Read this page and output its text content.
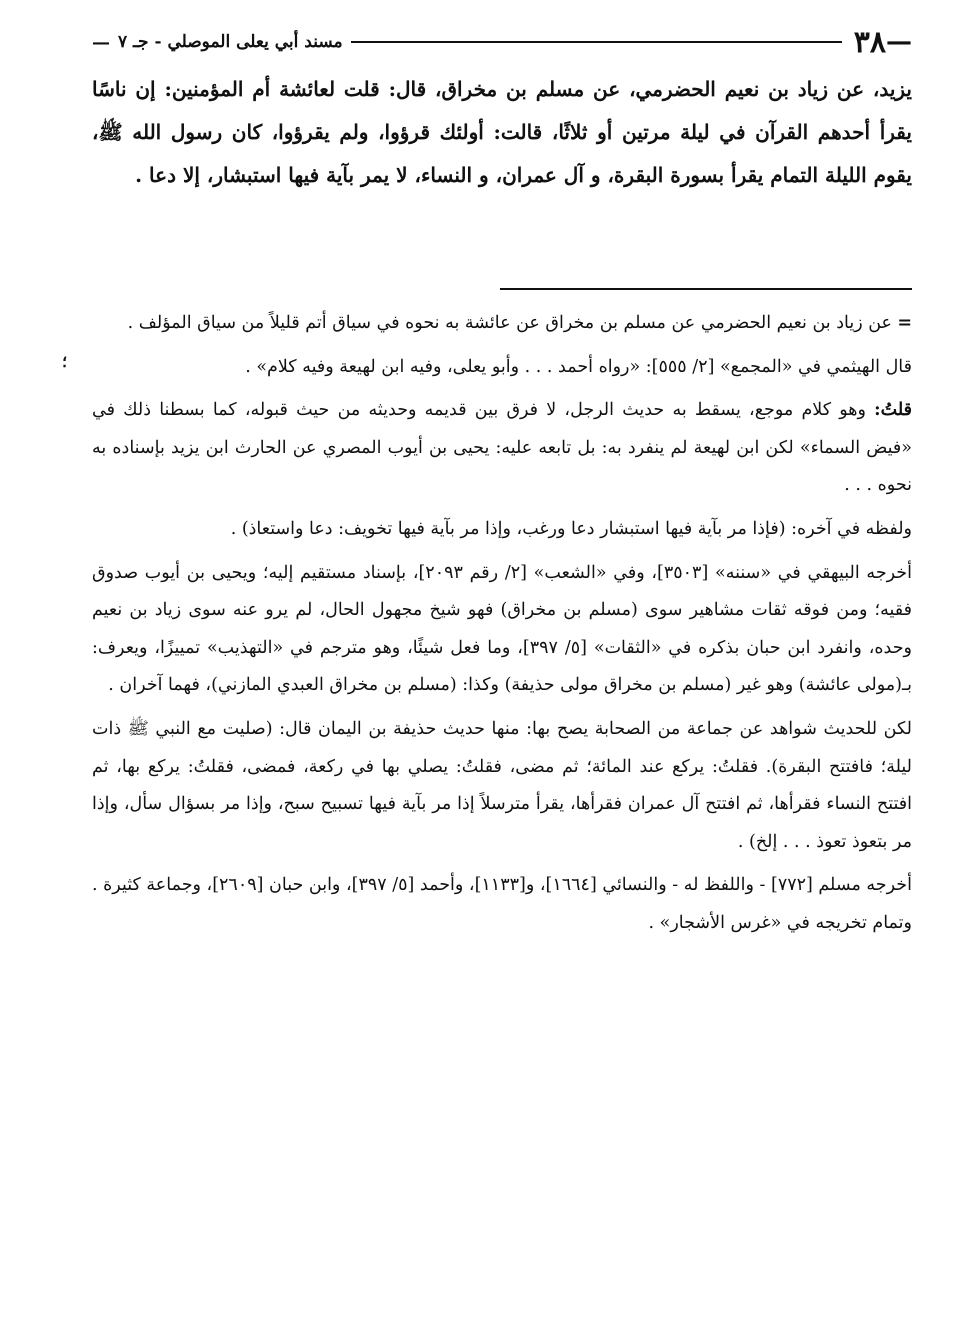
—
٣٨
مسند أبي يعلى الموصلي - جـ ٧
—
يزيد، عن زياد بن نعيم الحضرمي، عن مسلم بن مخراق، قال: قلت لعائشة أم المؤمنين: إن ناسًا يقرأ أحدهم القرآن في ليلة مرتين أو ثلاثًا، قالت: أولئك قرؤوا، ولم يقرؤوا، كان رسول الله ﷺ، يقوم الليلة التمام يقرأ بسورة البقرة، و آل عمران، و النساء، لا يمر بآية فيها استبشار، إلا دعا .
؛
=
عن زياد بن نعيم الحضرمي عن مسلم بن مخراق عن عائشة به نحوه في سياق أتم قليلاً من سياق المؤلف .

قال الهيثمي في «المجمع» [٢/ ٥٥٥]: «رواه أحمد . . . وأبو يعلى، وفيه ابن لهيعة وفيه كلام» .

قلتُ: وهو كلام موجع، يسقط به حديث الرجل، لا فرق بين قديمه وحديثه من حيث قبوله، كما بسطنا ذلك في «فيض السماء» لكن ابن لهيعة لم ينفرد به: بل تابعه عليه: يحيى بن أيوب المصري عن الحارث ابن يزيد بإسناده به نحوه . . .

ولفظه في آخره: (فإذا مر بآية فيها استبشار دعا ورغب، وإذا مر بآية فيها تخويف: دعا واستعاذ) .

أخرجه البيهقي في «سننه» [٣٥٠٣]، وفي «الشعب» [٢/ رقم ٢٠٩٣]، بإسناد مستقيم إليه؛ ويحيى بن أيوب صدوق فقيه؛ ومن فوقه ثقات مشاهير سوى (مسلم بن مخراق) فهو شيخ مجهول الحال، لم يرو عنه سوى زياد بن نعيم وحده، وانفرد ابن حبان بذكره في «الثقات» [٥/ ٣٩٧]، وما فعل شيئًا، وهو مترجم في «التهذيب» تمييزًا، ويعرف: بـ(مولى عائشة) وهو غير (مسلم بن مخراق مولى حذيفة) وكذا: (مسلم بن مخراق العبدي المازني)، فهما آخران .

لكن للحديث شواهد عن جماعة من الصحابة يصح بها: منها حديث حذيفة بن اليمان قال: (صليت مع النبي ﷺ ذات ليلة؛ فافتتح البقرة). فقلتُ: يركع عند المائة؛ ثم مضى، فقلتُ: يصلي بها في ركعة، فمضى، فقلتُ: يركع بها، ثم افتتح النساء فقرأها، ثم افتتح آل عمران فقرأها، يقرأ مترسلاً إذا مر بآية فيها تسبيح سبح، وإذا مر بسؤال سأل، وإذا مر بتعوذ تعوذ . . . إلخ) .

أخرجه مسلم [٧٧٢] - واللفظ له - والنسائي [١٦٦٤]، و[١١٣٣]، وأحمد [٥/ ٣٩٧]، وابن حبان [٢٦٠٩]، وجماعة كثيرة . وتمام تخريجه في «غرس الأشجار» .
